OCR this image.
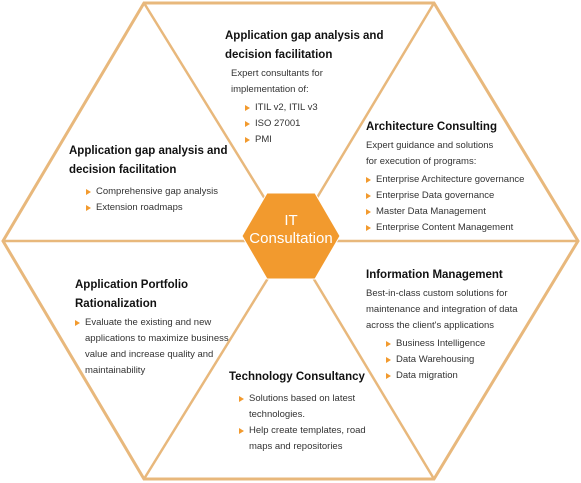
IT
Consultation
Application gap analysis and decision facilitation
Expert consultants for
implementation of:
ITIL v2, ITIL v3
ISO 27001
PMI
Application gap analysis and decision facilitation
Comprehensive gap analysis
Extension roadmaps
Architecture Consulting
Expert guidance and solutions
for execution of programs:
Enterprise Architecture governance
Enterprise Data governance
Master Data Management
Enterprise Content Management
Application Portfolio Rationalization
Evaluate the existing and new applications to maximize business value and increase quality and maintainability
Information Management
Best-in-class custom solutions for
maintenance and integration of data
across the client's applications
Business Intelligence
Data Warehousing
Data migration
Technology Consultancy
Solutions based on latest technologies.
Help create templates, road maps and repositories
